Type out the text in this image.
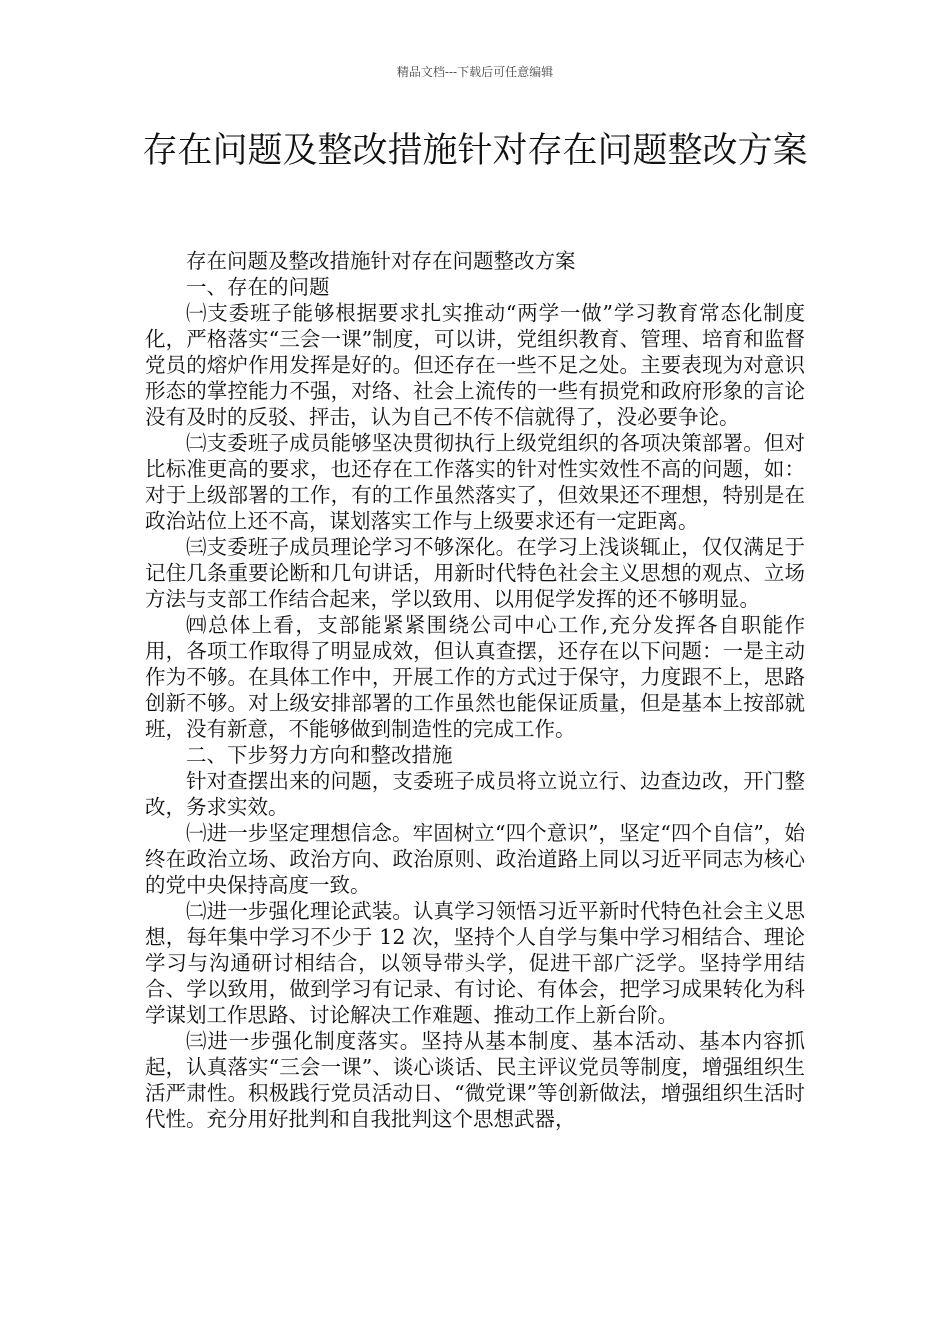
精品文档---下载后可任意编辑
存在问题及整改措施针对存在问题整改方案

存在问题及整改措施针对存在问题整改方案

一、存在的问题

㈠支委班子能够根据要求扎实推动“两学一做”学习教育常态化制度化，严格落实“三会一课”制度，可以讲，党组织教育、管理、培育和监督党员的熔炉作用发挥是好的。但还存在一些不足之处。主要表现为对意识形态的掌控能力不强，对络、社会上流传的一些有损党和政府形象的言论没有及时的反驳、抨击，认为自己不传不信就得了，没必要争论。

㈡支委班子成员能够坚决贯彻执行上级党组织的各项决策部署。但对比标准更高的要求，也还存在工作落实的针对性实效性不高的问题，如：对于上级部署的工作，有的工作虽然落实了，但效果还不理想，特别是在政治站位上还不高，谋划落实工作与上级要求还有一定距离。

㈢支委班子成员理论学习不够深化。在学习上浅谈辄止，仅仅满足于记住几条重要论断和几句讲话，用新时代特色社会主义思想的观点、立场方法与支部工作结合起来，学以致用、以用促学发挥的还不够明显。

㈣总体上看，支部能紧紧围绕公司中心工作,充分发挥各自职能作用，各项工作取得了明显成效，但认真查摆，还存在以下问题：一是主动作为不够。在具体工作中，开展工作的方式过于保守，力度跟不上，思路创新不够。对上级安排部署的工作虽然也能保证质量，但是基本上按部就班，没有新意，不能够做到制造性的完成工作。

二、下步努力方向和整改措施

针对查摆出来的问题，支委班子成员将立说立行、边查边改，开门整改，务求实效。

㈠进一步坚定理想信念。牢固树立“四个意识”，坚定“四个自信”，始终在政治立场、政治方向、政治原则、政治道路上同以习近平同志为核心的党中央保持高度一致。

㈡进一步强化理论武装。认真学习领悟习近平新时代特色社会主义思想，每年集中学习不少于 12 次，坚持个人自学与集中学习相结合、理论学习与沟通研讨相结合，以领导带头学，促进干部广泛学。坚持学用结合、学以致用，做到学习有记录、有讨论、有体会，把学习成果转化为科学谋划工作思路、讨论解决工作难题、推动工作上新台阶。

㈢进一步强化制度落实。坚持从基本制度、基本活动、基本内容抓起，认真落实“三会一课”、谈心谈话、民主评议党员等制度，增强组织生活严肃性。积极践行党员活动日、“微党课”等创新做法，增强组织生活时代性。充分用好批判和自我批判这个思想武器，
